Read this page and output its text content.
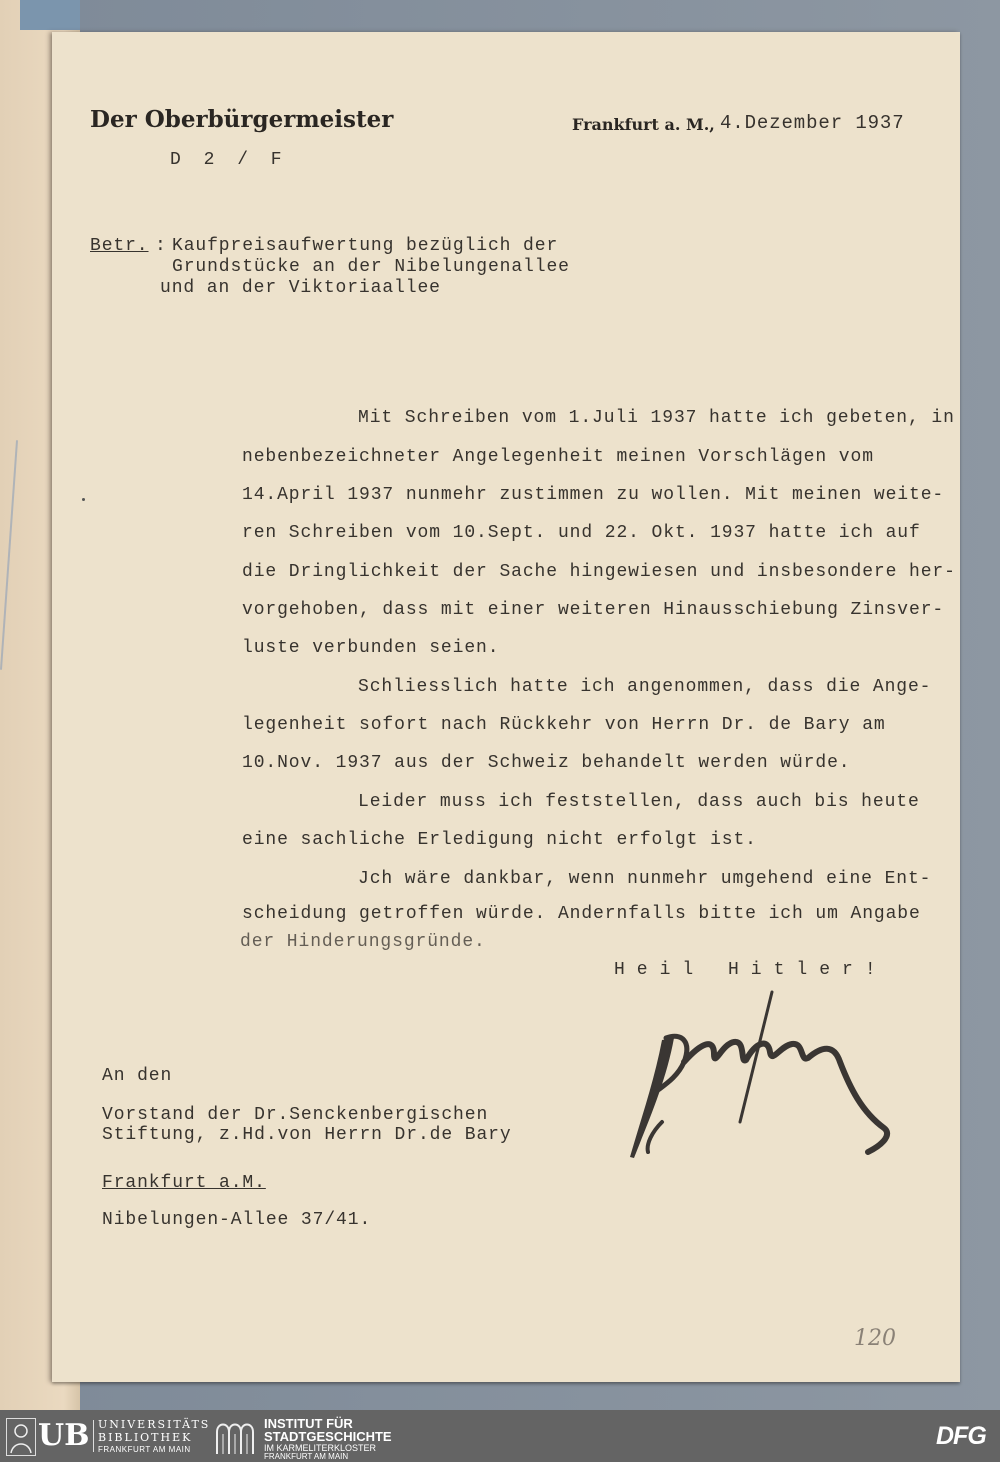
Der Oberbürgermeister	Frankfurt a. M., 4.Dezember 1937
D 2 / F
Betr. : Kaufpreisaufwertung bezüglich der
Grundstücke an der Nibelungenallee
und an der Viktoriaallee
Mit Schreiben vom 1.Juli 1937 hatte ich gebeten, in
nebenbezeichneter Angelegenheit meinen Vorschlägen vom
14.April 1937 nunmehr zustimmen zu wollen. Mit meinen weite-
ren Schreiben vom 10.Sept. und 22. Okt. 1937 hatte ich auf
die Dringlichkeit der Sache hingewiesen und insbesondere her-
vorgehoben, dass mit einer weiteren Hinausschiebung Zinsver-
luste verbunden seien.
Schliesslich hatte ich angenommen, dass die Ange-
legenheit sofort nach Rückkehr von Herrn Dr. de Bary am
10.Nov. 1937 aus der Schweiz behandelt werden würde.
Leider muss ich feststellen, dass auch bis heute
eine sachliche Erledigung nicht erfolgt ist.
Jch wäre dankbar, wenn nunmehr umgehend eine Ent-
scheidung getroffen würde. Andernfalls bitte ich um Angabe
der Hinderungsgründe.
Heil Hitler!
An den
Vorstand der Dr.Senckenbergischen
Stiftung, z.Hd.von Herrn Dr.de Bary
Frankfurt a.M.
Nibelungen-Allee 37/41.
120
UB UNIVERSITÄTS
BIBLIOTHEK
FRANKFURT AM MAIN
INSTITUT FÜR
STADTGESCHICHTE
IM KARMELITERKLOSTER
FRANKFURT AM MAIN
DFG
